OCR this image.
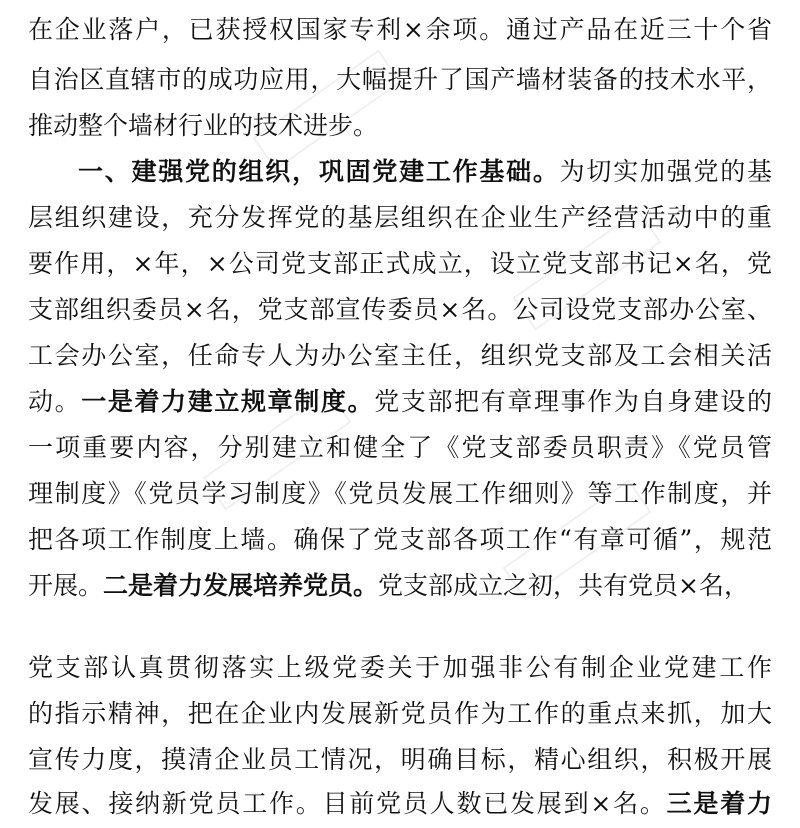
在企业落户，已获授权国家专利×余项。通过产品在近三十个省
自治区直辖市的成功应用，大幅提升了国产墙材装备的技术水平，
推动整个墙材行业的技术进步。
一、建强党的组织，巩固党建工作基础。为切实加强党的基
层组织建设，充分发挥党的基层组织在企业生产经营活动中的重
要作用，×年，×公司党支部正式成立，设立党支部书记×名，党
支部组织委员×名，党支部宣传委员×名。公司设党支部办公室、
工会办公室，任命专人为办公室主任，组织党支部及工会相关活
动。一是着力建立规章制度。党支部把有章理事作为自身建设的
一项重要内容，分别建立和健全了《党支部委员职责》《党员管
理制度》《党员学习制度》《党员发展工作细则》等工作制度，并
把各项工作制度上墙。确保了党支部各项工作“有章可循”，规范
开展。二是着力发展培养党员。党支部成立之初，共有党员×名，
党支部认真贯彻落实上级党委关于加强非公有制企业党建工作
的指示精神，把在企业内发展新党员作为工作的重点来抓，加大
宣传力度，摸清企业员工情况，明确目标，精心组织，积极开展
发展、接纳新党员工作。目前党员人数已发展到×名。三是着力
